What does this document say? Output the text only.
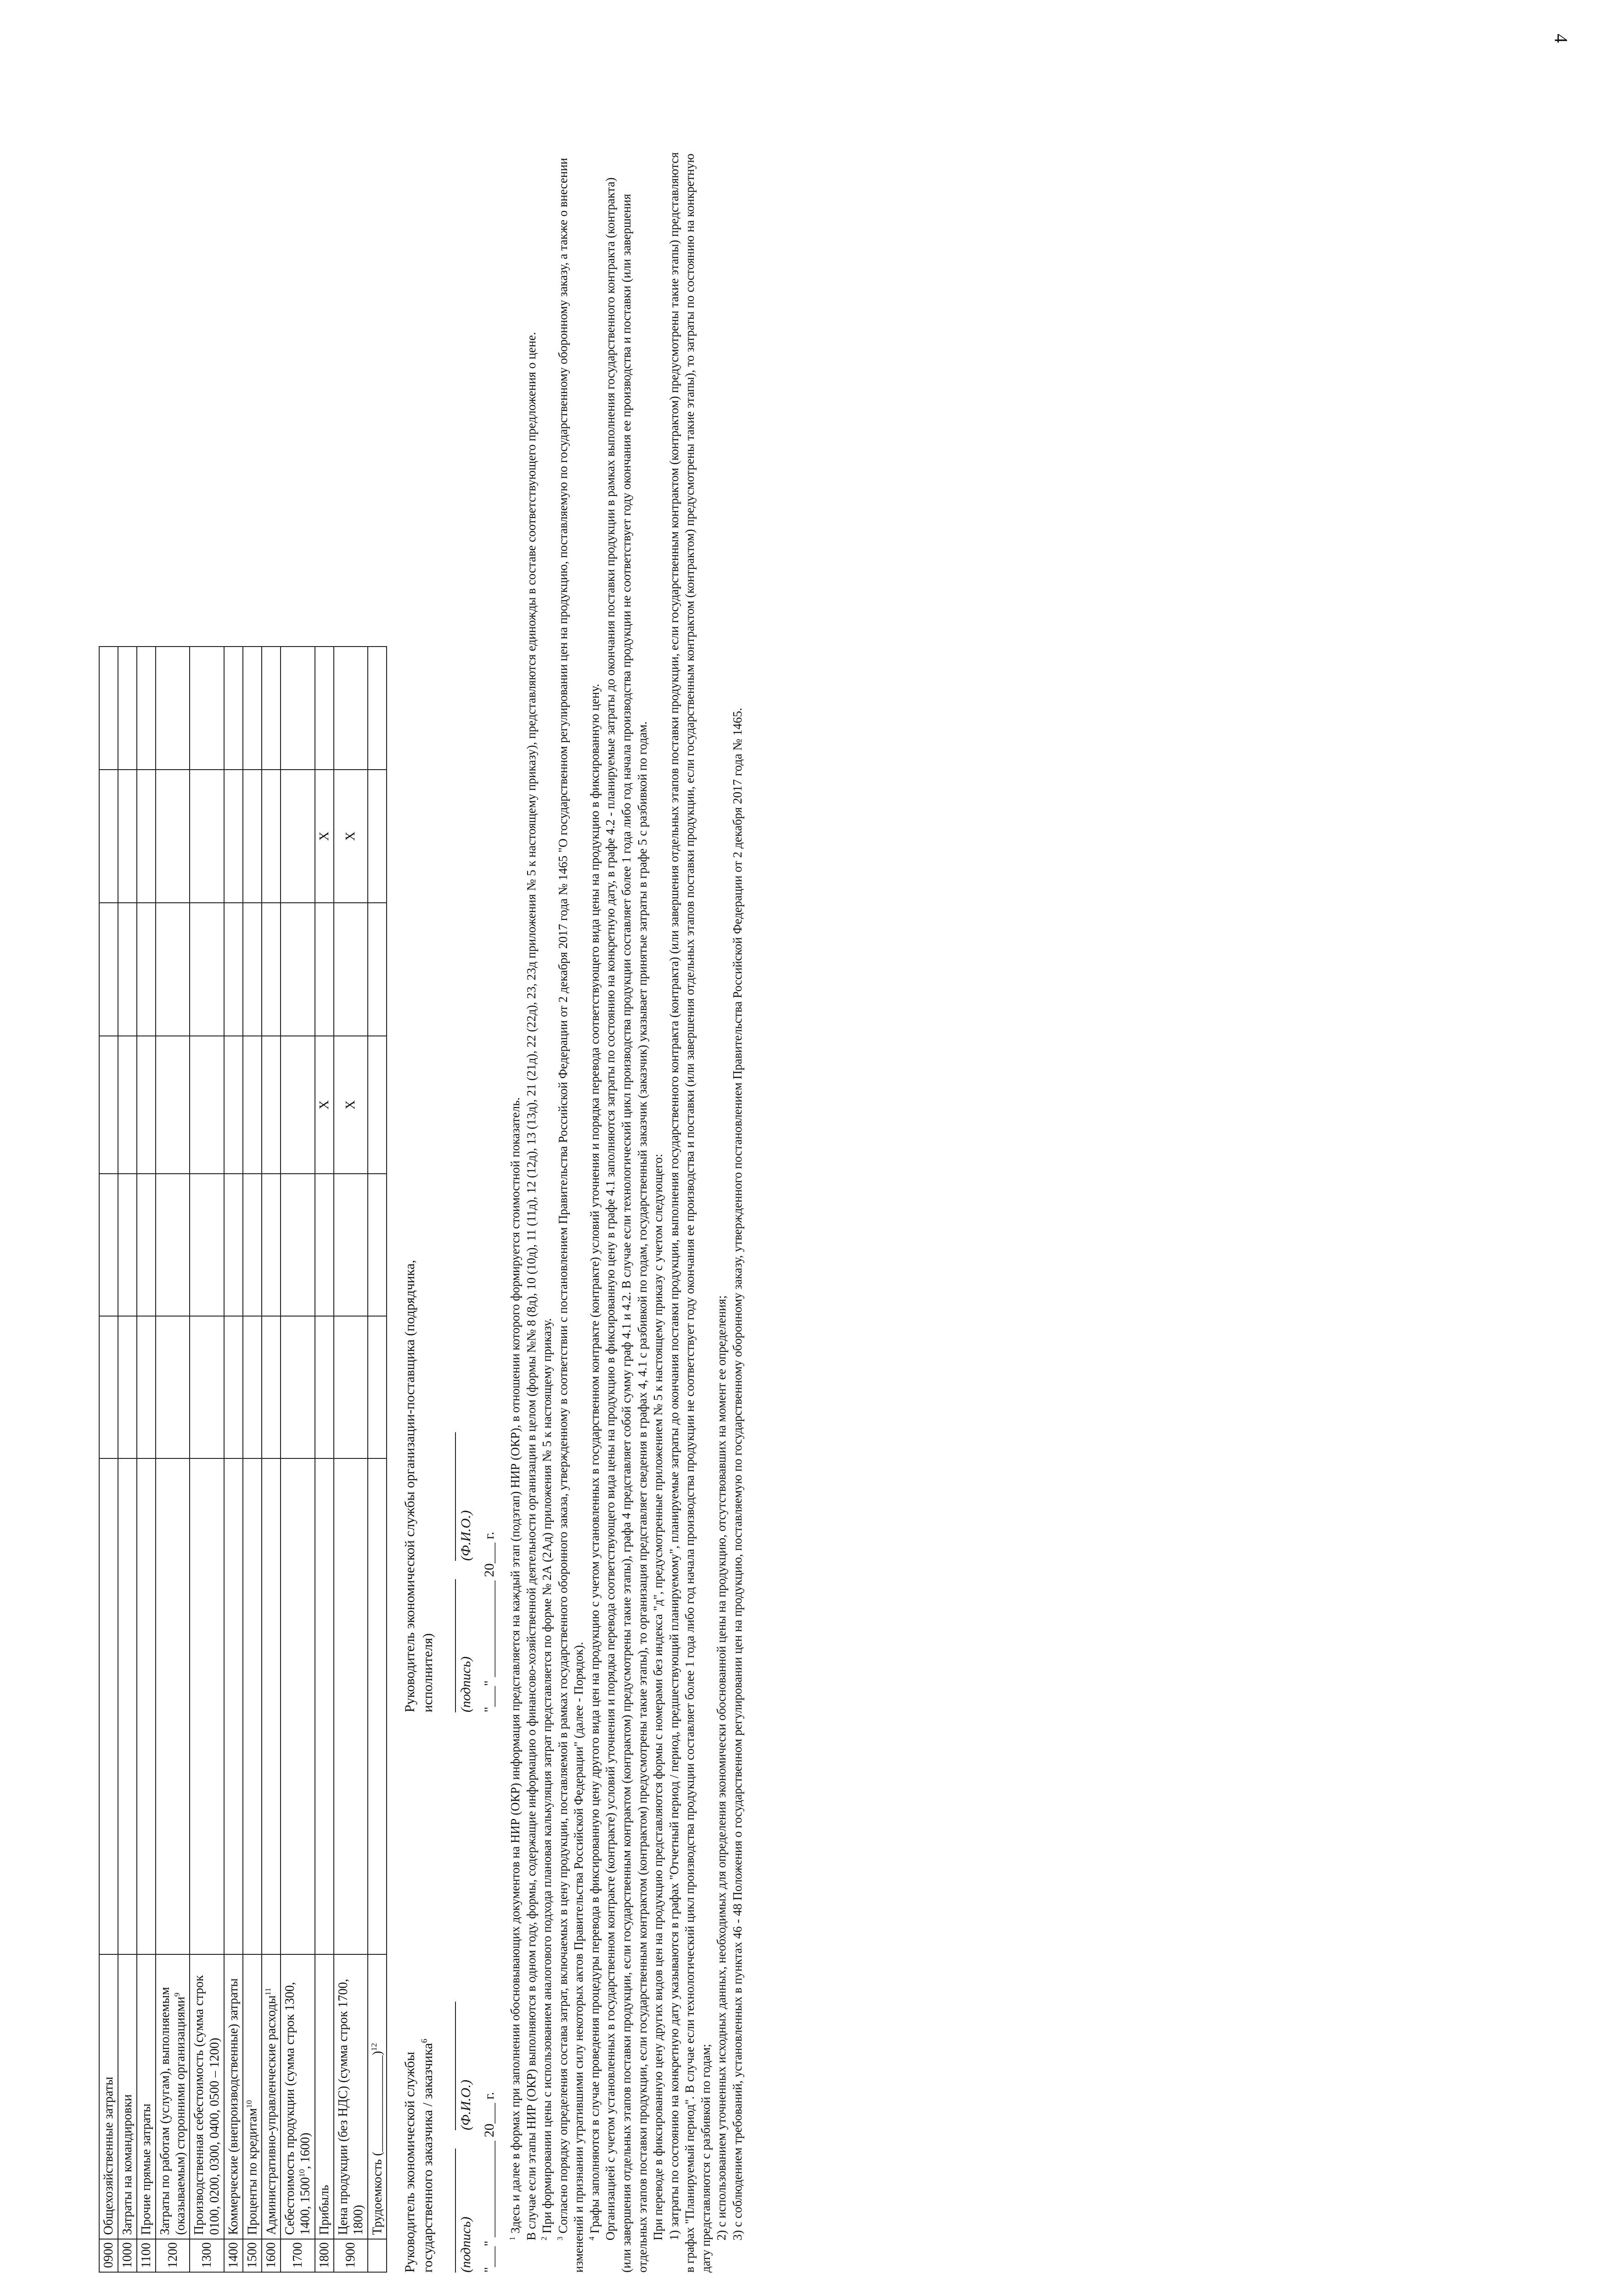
4
0900	Общехозяйственные затраты								
1000	Затраты на командировки								
1100	Прочие прямые затраты								
1200	Затраты по работам (услугам), выполняемым (оказываемым) сторонними организациями$^9$								
1300	Производственная себестоимость (сумма строк 0100, 0200, 0300, 0400, 0500 – 1200)								
1400	Коммерческие (внепроизводственные) затраты								
1500	Проценты по кредитам$^{10}$								
1600	Административно-управленческие расходы$^{11}$								
1700	Себестоимость продукции (сумма строк 1300, 1400, 1500$^{10}$, 1600)								
1800	Прибыль				X		X		
1900	Цена продукции (без НДС) (сумма строк 1700, 1800)				X		X		
	Трудоемкость (_______________)$^{12}$								
Руководитель экономической службы государственного заказчика / заказчика$^6$
(подпись)
(Ф.И.О.) "___" ______________ 20___ г.
Руководитель экономической службы организации-поставщика (подрядчика, исполнителя) (подпись)
(Ф.И.О.) "___" ______________ 20___ г.

$^1$ Здесь и далее в формах при заполнении обосновывающих документов на НИР (ОКР) информация представляется на каждый этап (подэтап) НИР (ОКР), в отношении которого формируется стоимостной показатель. В случае если этапы НИР (ОКР) выполняются в одном году, формы, содержащие информацию о финансово-хозяйственной деятельности организации в целом (формы №№ 8 (8д), 10 (10д), 11 (11д), 12 (12д), 13 (13д), 21 (21д), 22 (22д), 23, 23д приложения № 5 к настоящему приказу), представляются единожды в составе соответствующего предложения о цене. $^2$ При формировании цены с использованием аналогового подхода плановая калькуляция затрат представляется по форме № 2А (2Ад) приложения № 5 к настоящему приказу.

$^3$ Согласно порядку определения состава затрат, включаемых в цену продукции, поставляемой в рамках государственного оборонного заказа, утвержденному в соответствии с постановлением Правительства Российской Федерации от 2 декабря 2017 года № 1465 "О государственном регулировании цен на продукцию, поставляемую по государственному оборонному заказу, а также о внесении изменений и признании утратившими силу некоторых актов Правительства Российской Федерации" (далее - Порядок). $^4$ Графы заполняются в случае проведения процедуры перевода в фиксированную цену другого вида цен на продукцию с учетом установленных в государственном контракте (контракте) условий уточнения и порядка перевода соответствующего вида цены на продукцию в фиксированную цену. Организацией с учетом установленных в государственном контракте (контракте) условий уточнения и порядка перевода соответствующего вида цены на продукцию в фиксированную цену в графе 4.1 заполняются затраты по состоянию на конкретную дату, в графе 4.2 - планируемые затраты до окончания поставки продукции в рамках выполнения государственного контракта (контракта) (или завершения отдельных этапов поставки продукции, если государственным контрактом (контрактом) предусмотрены такие этапы), графа 4 представляет собой сумму граф 4.1 и 4.2. В случае если технологический цикл производства продукции составляет более 1 года либо год начала производства продукции не соответствует году окончания ее производства и поставки (или завершения отдельных этапов поставки продукции, если государственным контрактом (контрактом) предусмотрены такие этапы), то организация представляет сведения в графах 4, 4.1 с разбивкой по годам, государственный заказчик (заказчик) указывает принятые затраты в графе 5 с разбивкой по годам. При переводе в фиксированную цену других видов цен на продукцию представляются формы с номерами без индекса "д", предусмотренные приложением № 5 к настоящему приказу с учетом следующего: 1) затраты по состоянию на конкретную дату указываются в графах "Отчетный период / период, предшествующий планируемому", планируемые затраты до окончания поставки продукции, выполнения государственного контракта (контракта) (или завершения отдельных этапов поставки продукции, если государственным контрактом (контрактом) предусмотрены такие этапы) представляются в графах "Планируемый период". В случае если технологический цикл производства продукции составляет более 1 года либо год начала производства продукции не соответствует году окончания ее производства и поставки (или завершения отдельных этапов поставки продукции, если государственным контрактом (контрактом) предусмотрены такие этапы), то затраты по состоянию на конкретную дату представляются с разбивкой по годам; 2) с использованием уточненных исходных данных, необходимых для определения экономически обоснованной цены на продукцию, отсутствовавших на момент ее определения; 3) с соблюдением требований, установленных в пунктах 46 - 48 Положения о государственном регулировании цен на продукцию, поставляемую по государственному оборонному заказу, утвержденного постановлением Правительства Российской Федерации от 2 декабря 2017 года № 1465.
